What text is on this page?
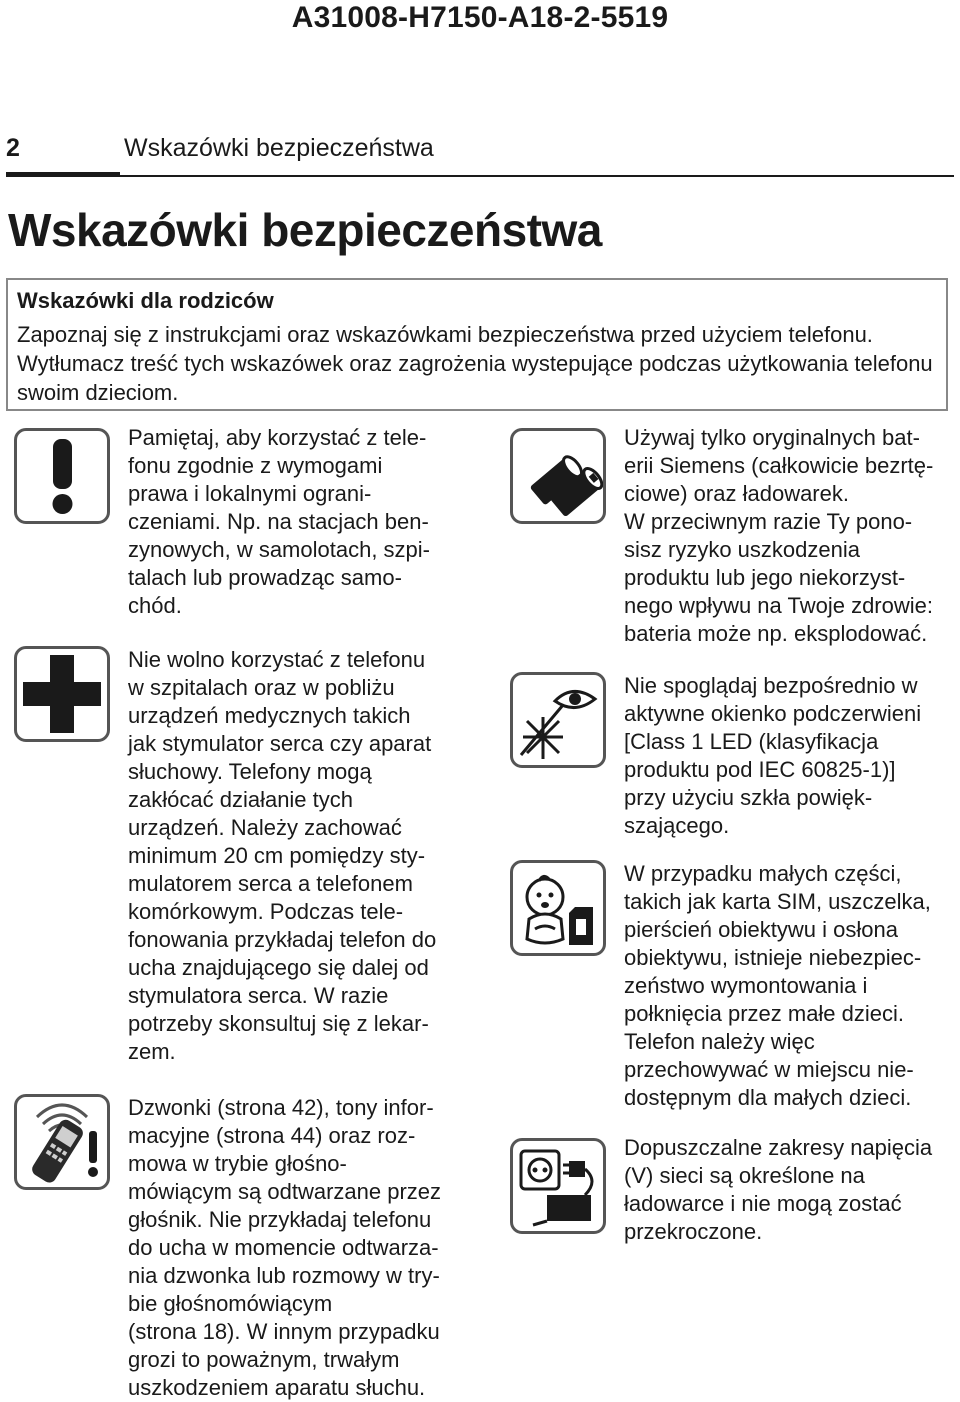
A31008-H7150-A18-2-5519
2	Wskazówki bezpieczeństwa
Wskazówki bezpieczeństwa

Wskazówki dla rodziców

Zapoznaj się z instrukcjami oraz wskazówkami bezpieczeństwa przed użyciem telefonu. Wytłumacz treść tych wskazówek oraz zagrożenia wystepujące podczas użytkowania telefonu swoim dzieciom.

Pamiętaj, aby korzystać z tele-
fonu zgodnie z wymogami
prawa i lokalnymi ograni-
czeniami. Np. na stacjach ben-
zynowych, w samolotach, szpi-
talach lub prowadząc samo-
chód.

Nie wolno korzystać z telefonu
w szpitalach oraz w pobliżu
urządzeń medycznych takich
jak stymulator serca czy aparat
słuchowy. Telefony mogą
zakłócać działanie tych
urządzeń. Należy zachować
minimum 20 cm pomiędzy sty-
mulatorem serca a telefonem
komórkowym. Podczas tele-
fonowania przykładaj telefon do
ucha znajdującego się dalej od
stymulatora serca. W razie
potrzeby skonsultuj się z lekar-
zem.

Dzwonki (strona 42), tony infor-
macyjne (strona 44) oraz roz-
mowa w trybie głośno-
mówiącym są odtwarzane przez
głośnik. Nie przykładaj telefonu
do ucha w momencie odtwarza-
nia dzwonka lub rozmowy w try-
bie głośnomówiącym
(strona 18). W innym przypadku
grozi to poważnym, trwałym
uszkodzeniem aparatu słuchu.

Używaj tylko oryginalnych bat-
erii Siemens (całkowicie bezrtę-
ciowe) oraz ładowarek.
W przeciwnym razie Ty pono-
sisz ryzyko uszkodzenia
produktu lub jego niekorzyst-
nego wpływu na Twoje zdrowie:
bateria może np. eksplodować.

Nie spoglądaj bezpośrednio w
aktywne okienko podczerwieni
[Class 1 LED (klasyfikacja
produktu pod IEC 60825-1)]
przy użyciu szkła powięk-
szającego.

W przypadku małych części,
takich jak karta SIM, uszczelka,
pierścień obiektywu i osłona
obiektywu, istnieje niebezpiec-
zeństwo wymontowania i
połknięcia przez małe dzieci.
Telefon należy więc
przechowywać w miejscu nie-
dostępnym dla małych dzieci.

Dopuszczalne zakresy napięcia
(V) sieci są określone na
ładowarce i nie mogą zostać
przekroczone.
